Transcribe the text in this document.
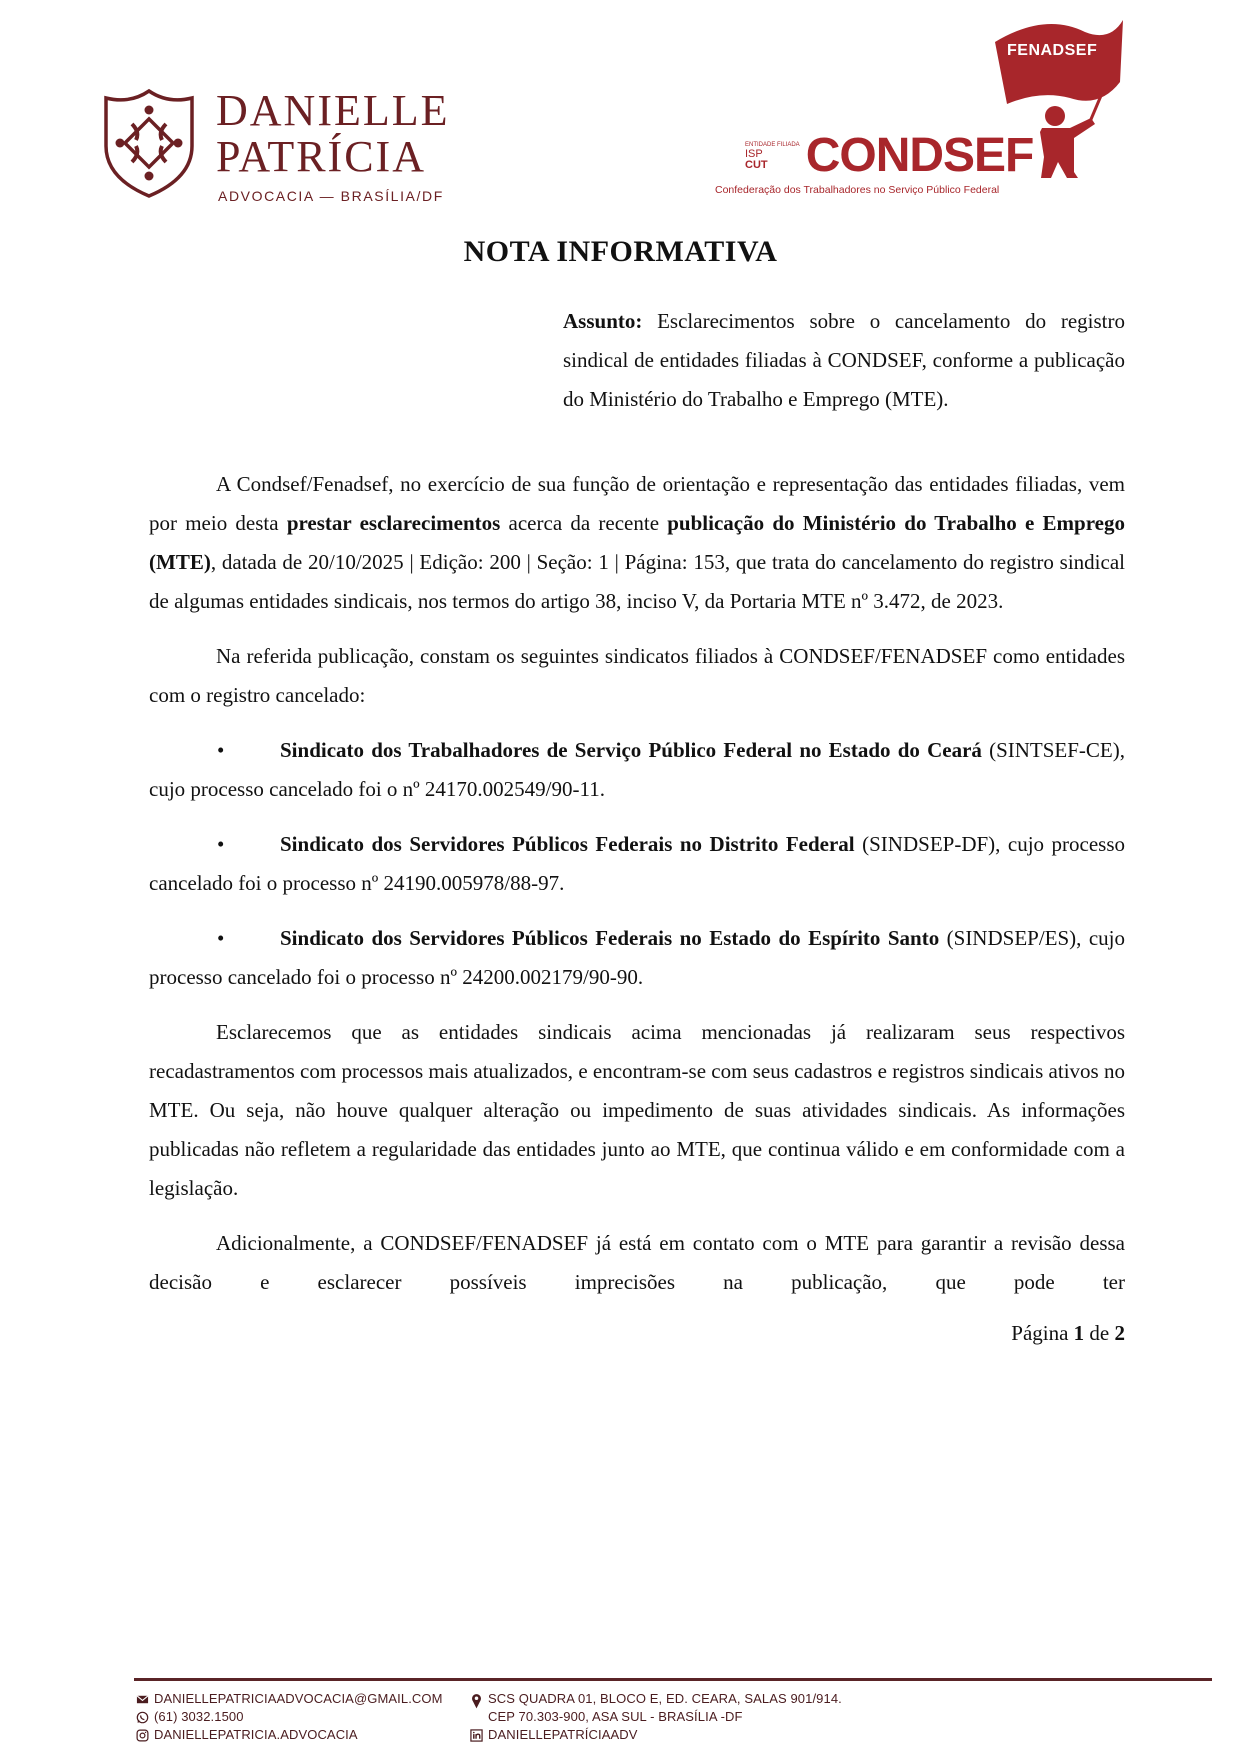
DANIELLE
PATRÍCIA
ADVOCACIA — BRASÍLIA/DF
FENADSEF
ENTIDADE FILIADA
ISP
CUT CONDSEF
Confederação dos Trabalhadores no Serviço Público Federal
NOTA INFORMATIVA
Assunto: Esclarecimentos sobre o cancelamento do registro sindical de entidades filiadas à CONDSEF, conforme a publicação do Ministério do Trabalho e Emprego (MTE).
A Condsef/Fenadsef, no exercício de sua função de orientação e representação das entidades filiadas, vem por meio desta prestar esclarecimentos acerca da recente publicação do Ministério do Trabalho e Emprego (MTE), datada de 20/10/2025 | Edição: 200 | Seção: 1 | Página: 153, que trata do cancelamento do registro sindical de algumas entidades sindicais, nos termos do artigo 38, inciso V, da Portaria MTE nº 3.472, de 2023.
Na referida publicação, constam os seguintes sindicatos filiados à CONDSEF/FENADSEF como entidades com o registro cancelado:
•	Sindicato dos Trabalhadores de Serviço Público Federal no Estado do Ceará (SINTSEF-CE), cujo processo cancelado foi o nº 24170.002549/90-11.
•	Sindicato dos Servidores Públicos Federais no Distrito Federal (SINDSEP-DF), cujo processo cancelado foi o processo nº 24190.005978/88-97.
•	Sindicato dos Servidores Públicos Federais no Estado do Espírito Santo (SINDSEP/ES), cujo processo cancelado foi o processo nº 24200.002179/90-90.
Esclarecemos que as entidades sindicais acima mencionadas já realizaram seus respectivos recadastramentos com processos mais atualizados, e encontram-se com seus cadastros e registros sindicais ativos no MTE. Ou seja, não houve qualquer alteração ou impedimento de suas atividades sindicais. As informações publicadas não refletem a regularidade das entidades junto ao MTE, que continua válido e em conformidade com a legislação.
Adicionalmente, a CONDSEF/FENADSEF já está em contato com o MTE para garantir a revisão dessa decisão e esclarecer possíveis imprecisões na publicação, que pode ter
Página 1 de 2
DANIELLEPATRICIAADVOCACIA@GMAIL.COM
(61) 3032.1500
DANIELLEPATRICIA.ADVOCACIA
SCS QUADRA 01, BLOCO E, ED. CEARA, SALAS 901/914.
CEP 70.303-900, ASA SUL - BRASÍLIA -DF
DANIELLEPATRÍCIAADV
